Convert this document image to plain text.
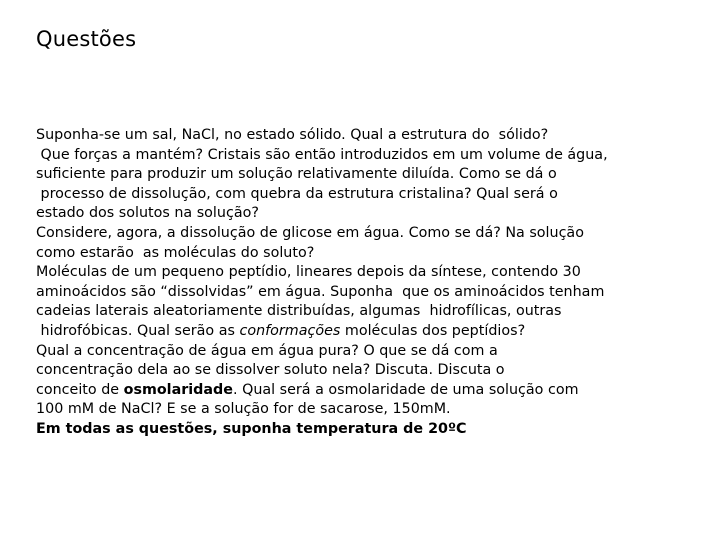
Questões
Suponha-se um sal, NaCl, no estado sólido. Qual a estrutura do  sólido?
Que forças a mantém? Cristais são então introduzidos em um volume de água,
suficiente para produzir um solução relativamente diluída. Como se dá o
processo de dissolução, com quebra da estrutura cristalina? Qual será o
estado dos solutos na solução?
Considere, agora, a dissolução de glicose em água. Como se dá? Na solução
como estarão  as moléculas do soluto?
Moléculas de um pequeno peptídio, lineares depois da síntese, contendo 30
aminoácidos são “dissolvidas” em água. Suponha  que os aminoácidos tenham
cadeias laterais aleatoriamente distribuídas, algumas  hidrofílicas, outras
hidrofóbicas. Qual serão as conformações moléculas dos peptídios?
Qual a concentração de água em água pura? O que se dá com a
concentração dela ao se dissolver soluto nela? Discuta. Discuta o
conceito de osmolaridade. Qual será a osmolaridade de uma solução com
100 mM de NaCl? E se a solução for de sacarose, 150mM.
Em todas as questões, suponha temperatura de 20ºC
